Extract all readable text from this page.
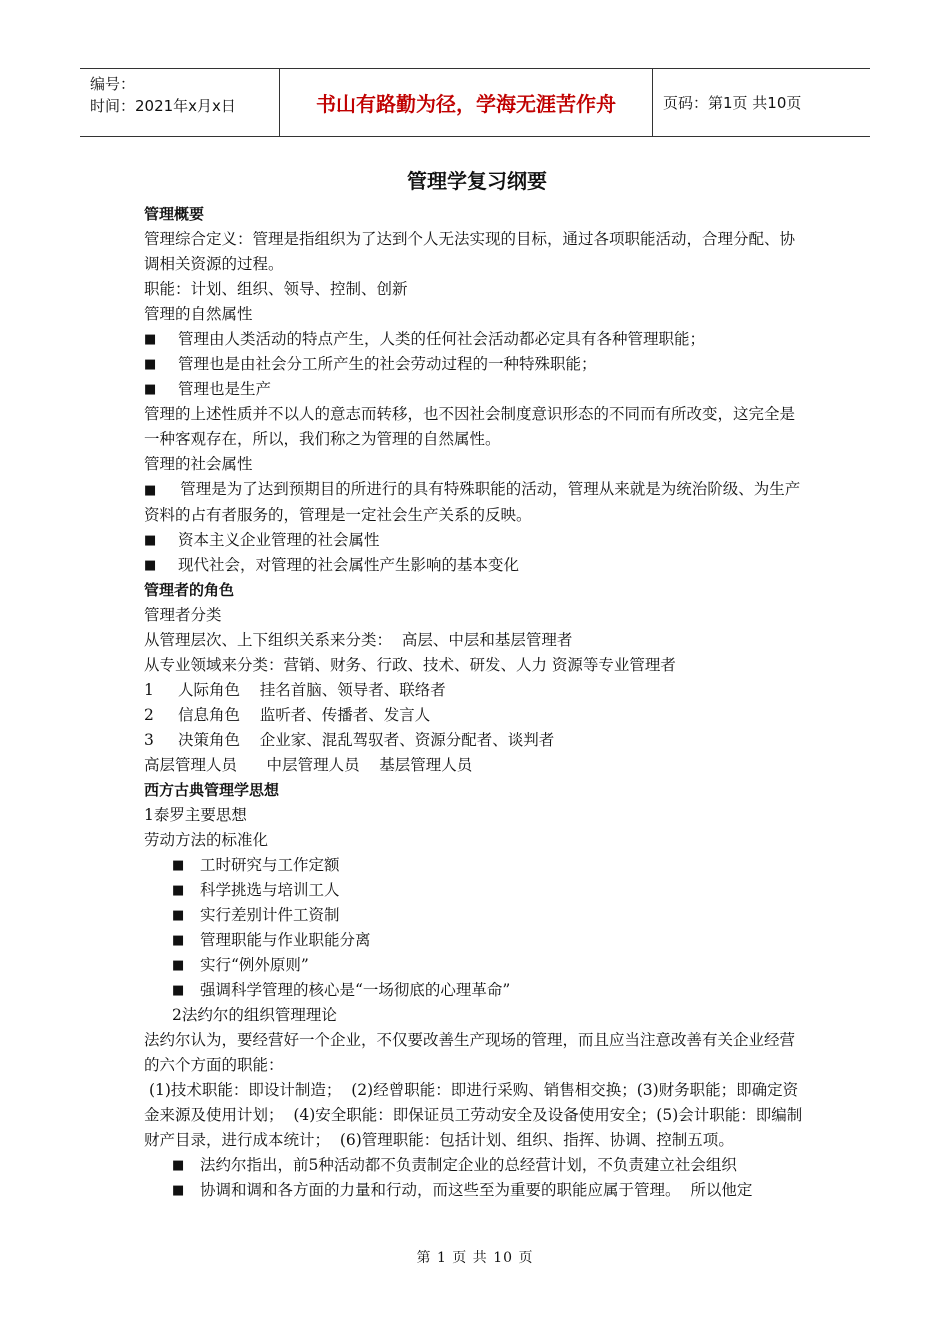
编号：
时间：2021年x月x日	书山有路勤为径，学海无涯苦作舟	页码：第1页 共10页
管理学复习纲要
管理概要

管理综合定义：管理是指组织为了达到个人无法实现的目标，通过各项职能活动，合理分配、协调相关资源的过程。

职能：计划、组织、领导、控制、创新

管理的自然属性

■	管理由人类活动的特点产生，人类的任何社会活动都必定具有各种管理职能；
■	管理也是由社会分工所产生的社会劳动过程的一种特殊职能；
■	管理也是生产

管理的上述性质并不以人的意志而转移，也不因社会制度意识形态的不同而有所改变，这完全是一种客观存在，所以，我们称之为管理的自然属性。

管理的社会属性

■ 管理是为了达到预期目的所进行的具有特殊职能的活动，管理从来就是为统治阶级、为生产资料的占有者服务的，管理是一定社会生产关系的反映。

■	资本主义企业管理的社会属性
■	现代社会，对管理的社会属性产生影响的基本变化
管理者的角色

管理者分类

从管理层次、上下组织关系来分类：  高层、中层和基层管理者

从专业领域来分类：营销、财务、行政、技术、研发、人力 资源等专业管理者

1	人际角色    挂名首脑、领导者、联络者
2	信息角色    监听者、传播者、发言人
3	决策角色    企业家、混乱驾驭者、资源分配者、谈判者

高层管理人员      中层管理人员    基层管理人员

西方古典管理学思想

1泰罗主要思想

劳动方法的标准化

■	工时研究与工作定额
■	科学挑选与培训工人
■	实行差别计件工资制
■	管理职能与作业职能分离
■	实行“例外原则”
■	强调科学管理的核心是“一场彻底的心理革命”

2法约尔的组织管理理论

法约尔认为，要经营好一个企业，不仅要改善生产现场的管理，而且应当注意改善有关企业经营的六个方面的职能：

(1)技术职能：即设计制造；  (2)经曾职能：即进行采购、销售相交换；(3)财务职能；即确定资金来源及使用计划；  (4)安全职能：即保证员工劳动安全及设备使用安全；(5)会计职能：即编制财产目录，进行成本统计；  (6)管理职能：包括计划、组织、指挥、协调、控制五项。

■	法约尔指出，前5种活动都不负责制定企业的总经营计划，不负责建立社会组织
■	协调和调和各方面的力量和行动，而这些至为重要的职能应属于管理。  所以他定
第 1 页 共 10 页
